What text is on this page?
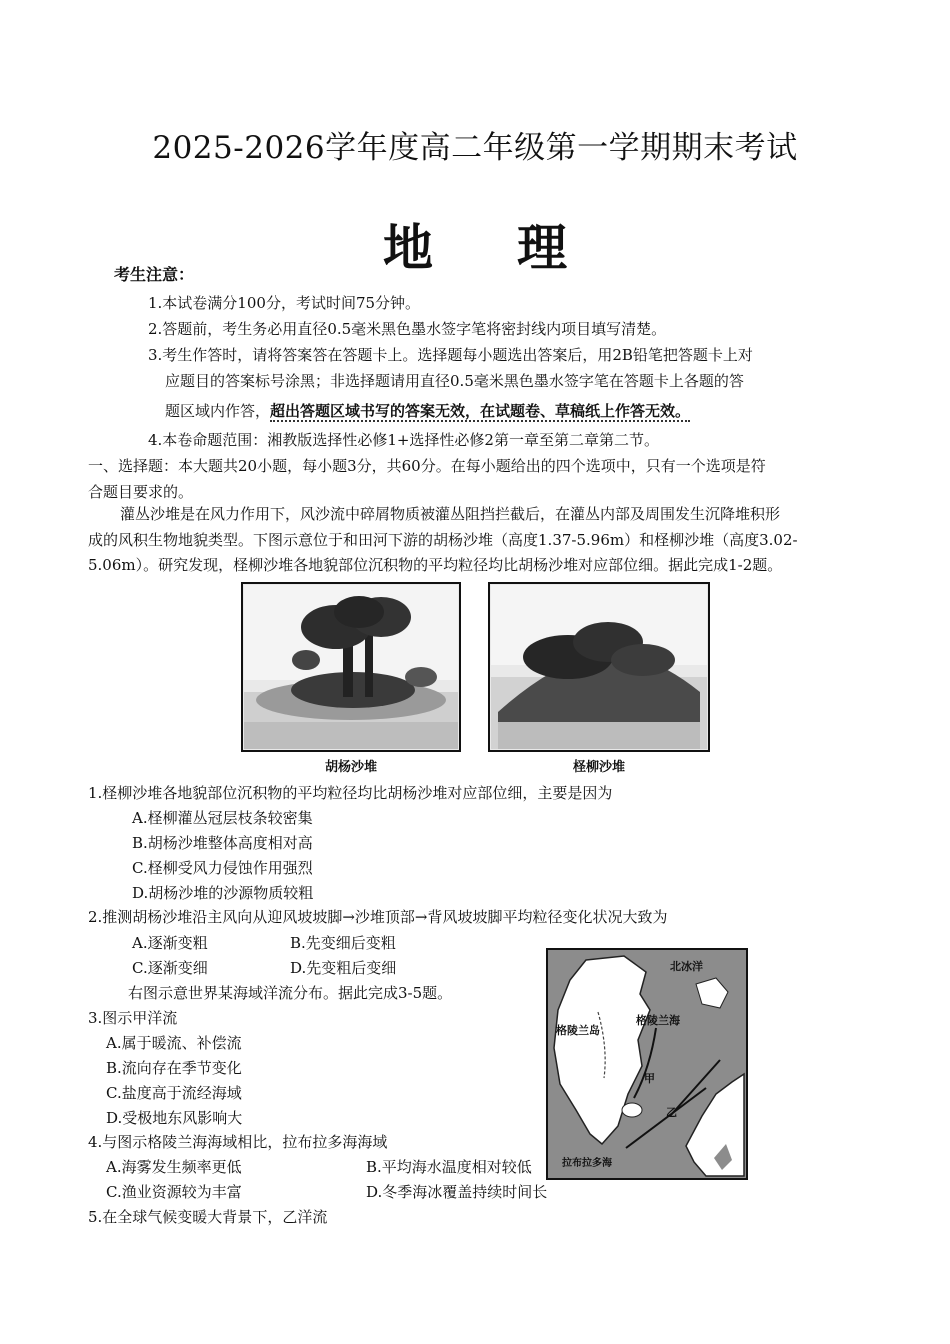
2025-2026学年度高二年级第一学期期末考试
地 理
考生注意：
1.本试卷满分100分，考试时间75分钟。
2.答题前，考生务必用直径0.5毫米黑色墨水签字笔将密封线内项目填写清楚。
3.考生作答时，请将答案答在答题卡上。选择题每小题选出答案后，用2B铅笔把答题卡上对
应题目的答案标号涂黑；非选择题请用直径0.5毫米黑色墨水签字笔在答题卡上各题的答
题区域内作答，超出答题区域书写的答案无效，在试题卷、草稿纸上作答无效。
4.本卷命题范围：湘教版选择性必修1+选择性必修2第一章至第二章第二节。
一、选择题：本大题共20小题，每小题3分，共60分。在每小题给出的四个选项中，只有一个选项是符
合题目要求的。
灌丛沙堆是在风力作用下，风沙流中碎屑物质被灌丛阻挡拦截后，在灌丛内部及周围发生沉降堆积形
成的风积生物地貌类型。下图示意位于和田河下游的胡杨沙堆（高度1.37-5.96m）和柽柳沙堆（高度3.02-
5.06m）。研究发现，柽柳沙堆各地貌部位沉积物的平均粒径均比胡杨沙堆对应部位细。据此完成1-2题。
胡杨沙堆	柽柳沙堆
1.柽柳沙堆各地貌部位沉积物的平均粒径均比胡杨沙堆对应部位细，主要是因为
A.柽柳灌丛冠层枝条较密集
B.胡杨沙堆整体高度相对高
C.柽柳受风力侵蚀作用强烈
D.胡杨沙堆的沙源物质较粗
2.推测胡杨沙堆沿主风向从迎风坡坡脚→沙堆顶部→背风坡坡脚平均粒径变化状况大致为
A.逐渐变粗	B.先变细后变粗
C.逐渐变细	D.先变粗后变细
右图示意世界某海域洋流分布。据此完成3-5题。
3.图示甲洋流
A.属于暖流、补偿流
B.流向存在季节变化
C.盐度高于流经海域
D.受极地东风影响大
北冰洋
格陵兰岛
格陵兰海
甲
乙
拉布拉多海
4.与图示格陵兰海海域相比，拉布拉多海海域
A.海雾发生频率更低	B.平均海水温度相对较低
C.渔业资源较为丰富	D.冬季海冰覆盖持续时间长
5.在全球气候变暖大背景下，乙洋流
